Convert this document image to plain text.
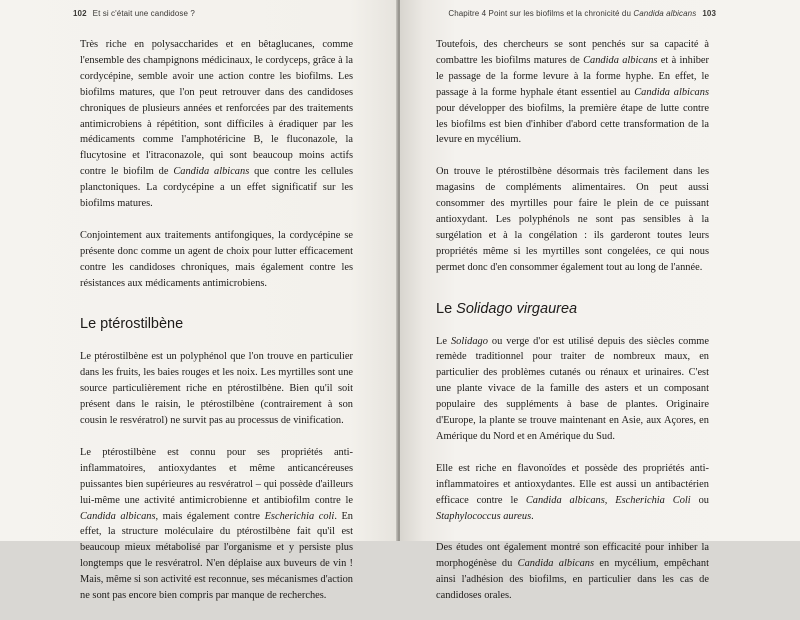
102 Et si c'était une candidose ?

Très riche en polysaccharides et en bêtaglucanes, comme l'ensemble des champignons médicinaux, le cordyceps, grâce à la cordycépine, semble avoir une action contre les biofilms. Les biofilms matures, que l'on peut retrouver dans des candidoses chroniques de plusieurs années et renforcées par des traitements antimicrobiens à répétition, sont difficiles à éradiquer par les médicaments comme l'amphotéricine B, le fluconazole, la flucytosine et l'itraconazole, qui sont beaucoup moins actifs contre le biofilm de Candida albicans que contre les cellules planctoniques. La cordycépine a un effet significatif sur les biofilms matures.

Conjointement aux traitements antifongiques, la cordycépine se présente donc comme un agent de choix pour lutter efficacement contre les candidoses chroniques, mais également contre les résistances aux médicaments antimicrobiens.

Le ptérostilbène

Le ptérostilbène est un polyphénol que l'on trouve en particulier dans les fruits, les baies rouges et les noix. Les myrtilles sont une source particulièrement riche en ptérostilbène. Bien qu'il soit présent dans le raisin, le ptérostilbène (contrairement à son cousin le resvératrol) ne survit pas au processus de vinification.

Le ptérostilbène est connu pour ses propriétés anti-inflammatoires, antioxydantes et même anticancéreuses puissantes bien supérieures au resvératrol – qui possède d'ailleurs lui-même une activité antimicrobienne et antibiofilm contre le Candida albicans, mais également contre Escherichia coli. En effet, la structure moléculaire du ptérostilbène fait qu'il est beaucoup mieux métabolisé par l'organisme et y persiste plus longtemps que le resvératrol. N'en déplaise aux buveurs de vin ! Mais, même si son activité est reconnue, ses mécanismes d'action ne sont pas encore bien compris par manque de recherches.

Chapitre 4 Point sur les biofilms et la chronicité du Candida albicans 103

Toutefois, des chercheurs se sont penchés sur sa capacité à combattre les biofilms matures de Candida albicans et à inhiber le passage de la forme levure à la forme hyphe. En effet, le passage à la forme hyphale étant essentiel au Candida albicans pour développer des biofilms, la première étape de lutte contre les biofilms est bien d'inhiber d'abord cette transformation de la levure en mycélium.

On trouve le ptérostilbène désormais très facilement dans les magasins de compléments alimentaires. On peut aussi consommer des myrtilles pour faire le plein de ce puissant antioxydant. Les polyphénols ne sont pas sensibles à la surgélation et à la congélation : ils garderont toutes leurs propriétés même si les myrtilles sont congelées, ce qui nous permet donc d'en consommer également tout au long de l'année.

Le Solidago virgaurea

Le Solidago ou verge d'or est utilisé depuis des siècles comme remède traditionnel pour traiter de nombreux maux, en particulier des problèmes cutanés ou rénaux et urinaires. C'est une plante vivace de la famille des asters et un composant populaire des suppléments à base de plantes. Originaire d'Europe, la plante se trouve maintenant en Asie, aux Açores, en Amérique du Nord et en Amérique du Sud.

Elle est riche en flavonoïdes et possède des propriétés anti-inflammatoires et antioxydantes. Elle est aussi un antibactérien efficace contre le Candida albicans, Escherichia Coli ou Staphylococcus aureus.

Des études ont également montré son efficacité pour inhiber la morphogénèse du Candida albicans en mycélium, empêchant ainsi l'adhésion des biofilms, en particulier dans les cas de candidoses orales.
